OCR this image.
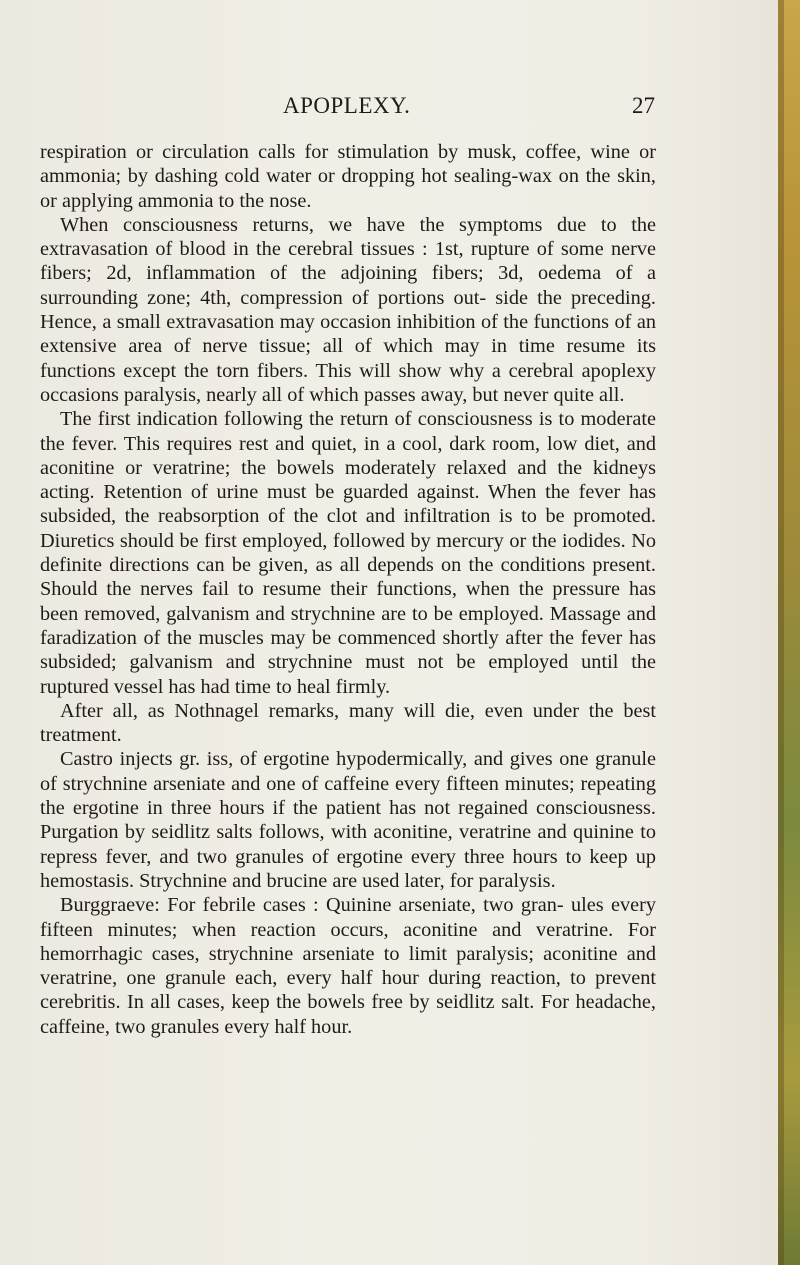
APOPLEXY.	27

respiration or circulation calls for stimulation by musk, coffee, wine or ammonia; by dashing cold water or dropping hot sealing-wax on the skin, or applying ammonia to the nose.

When consciousness returns, we have the symptoms due to the extravasation of blood in the cerebral tissues : 1st, rupture of some nerve fibers; 2d, inflammation of the adjoining fibers; 3d, oedema of a surrounding zone; 4th, compression of portions out- side the preceding. Hence, a small extravasation may occasion inhibition of the functions of an extensive area of nerve tissue; all of which may in time resume its functions except the torn fibers. This will show why a cerebral apoplexy occasions paralysis, nearly all of which passes away, but never quite all.

The first indication following the return of consciousness is to moderate the fever. This requires rest and quiet, in a cool, dark room, low diet, and aconitine or veratrine; the bowels moderately relaxed and the kidneys acting. Retention of urine must be guarded against. When the fever has subsided, the reabsorption of the clot and infiltration is to be promoted. Diuretics should be first employed, followed by mercury or the iodides. No definite directions can be given, as all depends on the conditions present. Should the nerves fail to resume their functions, when the pressure has been removed, galvanism and strychnine are to be employed. Massage and faradization of the muscles may be commenced shortly after the fever has subsided; galvanism and strychnine must not be employed until the ruptured vessel has had time to heal firmly.

After all, as Nothnagel remarks, many will die, even under the best treatment.

Castro injects gr. iss, of ergotine hypodermically, and gives one granule of strychnine arseniate and one of caffeine every fifteen minutes; repeating the ergotine in three hours if the patient has not regained consciousness. Purgation by seidlitz salts follows, with aconitine, veratrine and quinine to repress fever, and two granules of ergotine every three hours to keep up hemostasis. Strychnine and brucine are used later, for paralysis.

Burggraeve: For febrile cases : Quinine arseniate, two gran- ules every fifteen minutes; when reaction occurs, aconitine and veratrine. For hemorrhagic cases, strychnine arseniate to limit paralysis; aconitine and veratrine, one granule each, every half hour during reaction, to prevent cerebritis. In all cases, keep the bowels free by seidlitz salt. For headache, caffeine, two granules every half hour.
